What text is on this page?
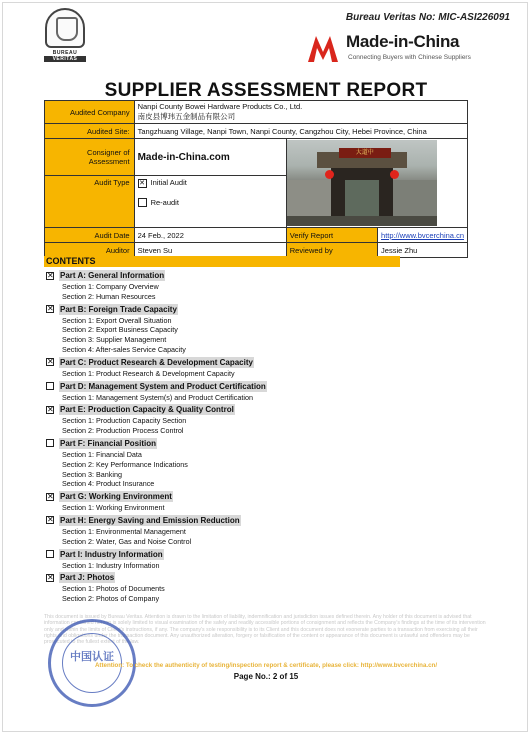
BUREAU
VERITAS
Bureau Veritas No: MIC-ASI226091
Made-in-China
Connecting Buyers with Chinese Suppliers
SUPPLIER ASSESSMENT REPORT
Audited Company	Nanpi County Bowei Hardware Products Co., Ltd.
南皮县博玮五金制品有限公司		

Audited Site:	Tangzhuang Village, Nanpi Town, Nanpi County, Cangzhou City, Hebei Province, China		
Consigner of Assessment	Made-in-China.com	大道中	

Audit Type	✕ Initial Audit
Re-audit		

Audit Date	24 Feb., 2022	Verify Report	http://www.bvcerchina.cn
Auditor	Steven Su	Reviewed by	Jessie Zhu
CONTENTS
✕ Part A: General Information
Section 1: Company Overview
Section 2: Human Resources
✕ Part B: Foreign Trade Capacity
Section 1: Export Overall Situation
Section 2: Export Business Capacity
Section 3: Supplier Management
Section 4: After-sales Service Capacity
✕ Part C: Product Research & Development Capacity
Section 1: Product Research & Development Capacity
Part D: Management System and Product Certification
Section 1: Management System(s) and Product Certification
✕ Part E: Production Capacity & Quality Control
Section 1: Production Capacity Section
Section 2: Production Process Control
Part F: Financial Position
Section 1: Financial Data
Section 2: Key Performance Indications
Section 3: Banking
Section 4: Product Insurance
✕ Part G: Working Environment
Section 1: Working Environment
✕ Part H: Energy Saving and Emission Reduction
Section 1: Environmental Management
Section 2: Water, Gas and Noise Control
Part I: Industry Information
Section 1: Industry Information
✕ Part J: Photos
Section 1: Photos of Documents
Section 2: Photos of Company
This document is issued by Bureau Veritas. Attention is drawn to the limitation of liability, indemnification and jurisdiction issues defined therein. Any holder of this document is advised that information contained hereon is solely limited to visual examination of the safely and readily accessible portions of consignment and reflects the Company's findings at the time of its intervention only and within the limits of Client's instructions, if any. The company's sole responsibility is to its Client and this document does not exonerate parties to a transaction from exercising all their rights and obligations under the transaction document. Any unauthorized alteration, forgery or falsification of the content or appearance of this document is unlawful and offenders may be prosecuted to the fullest extent of the law.
中国认证
Attention: To check the authenticity of testing/inspection report & certificate, please click: http://www.bvcerchina.cn/
Page No.: 2 of 15
